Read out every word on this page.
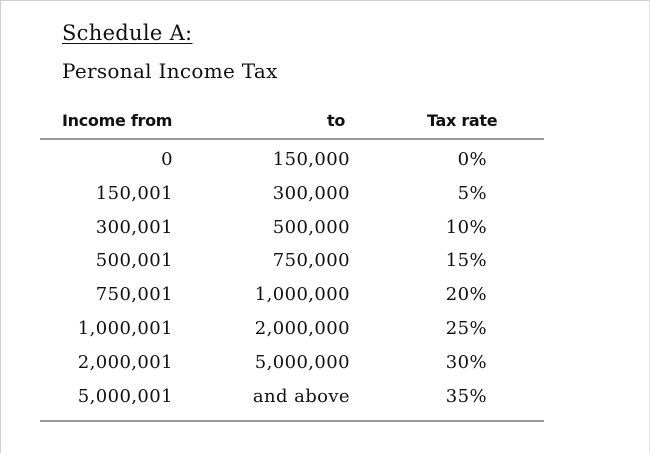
Schedule A:
Personal Income Tax
Income from	to	Tax rate
0	150,000	0%
150,001	300,000	5%
300,001	500,000	10%
500,001	750,000	15%
750,001	1,000,000	20%
1,000,001	2,000,000	25%
2,000,001	5,000,000	30%
5,000,001	and above	35%
